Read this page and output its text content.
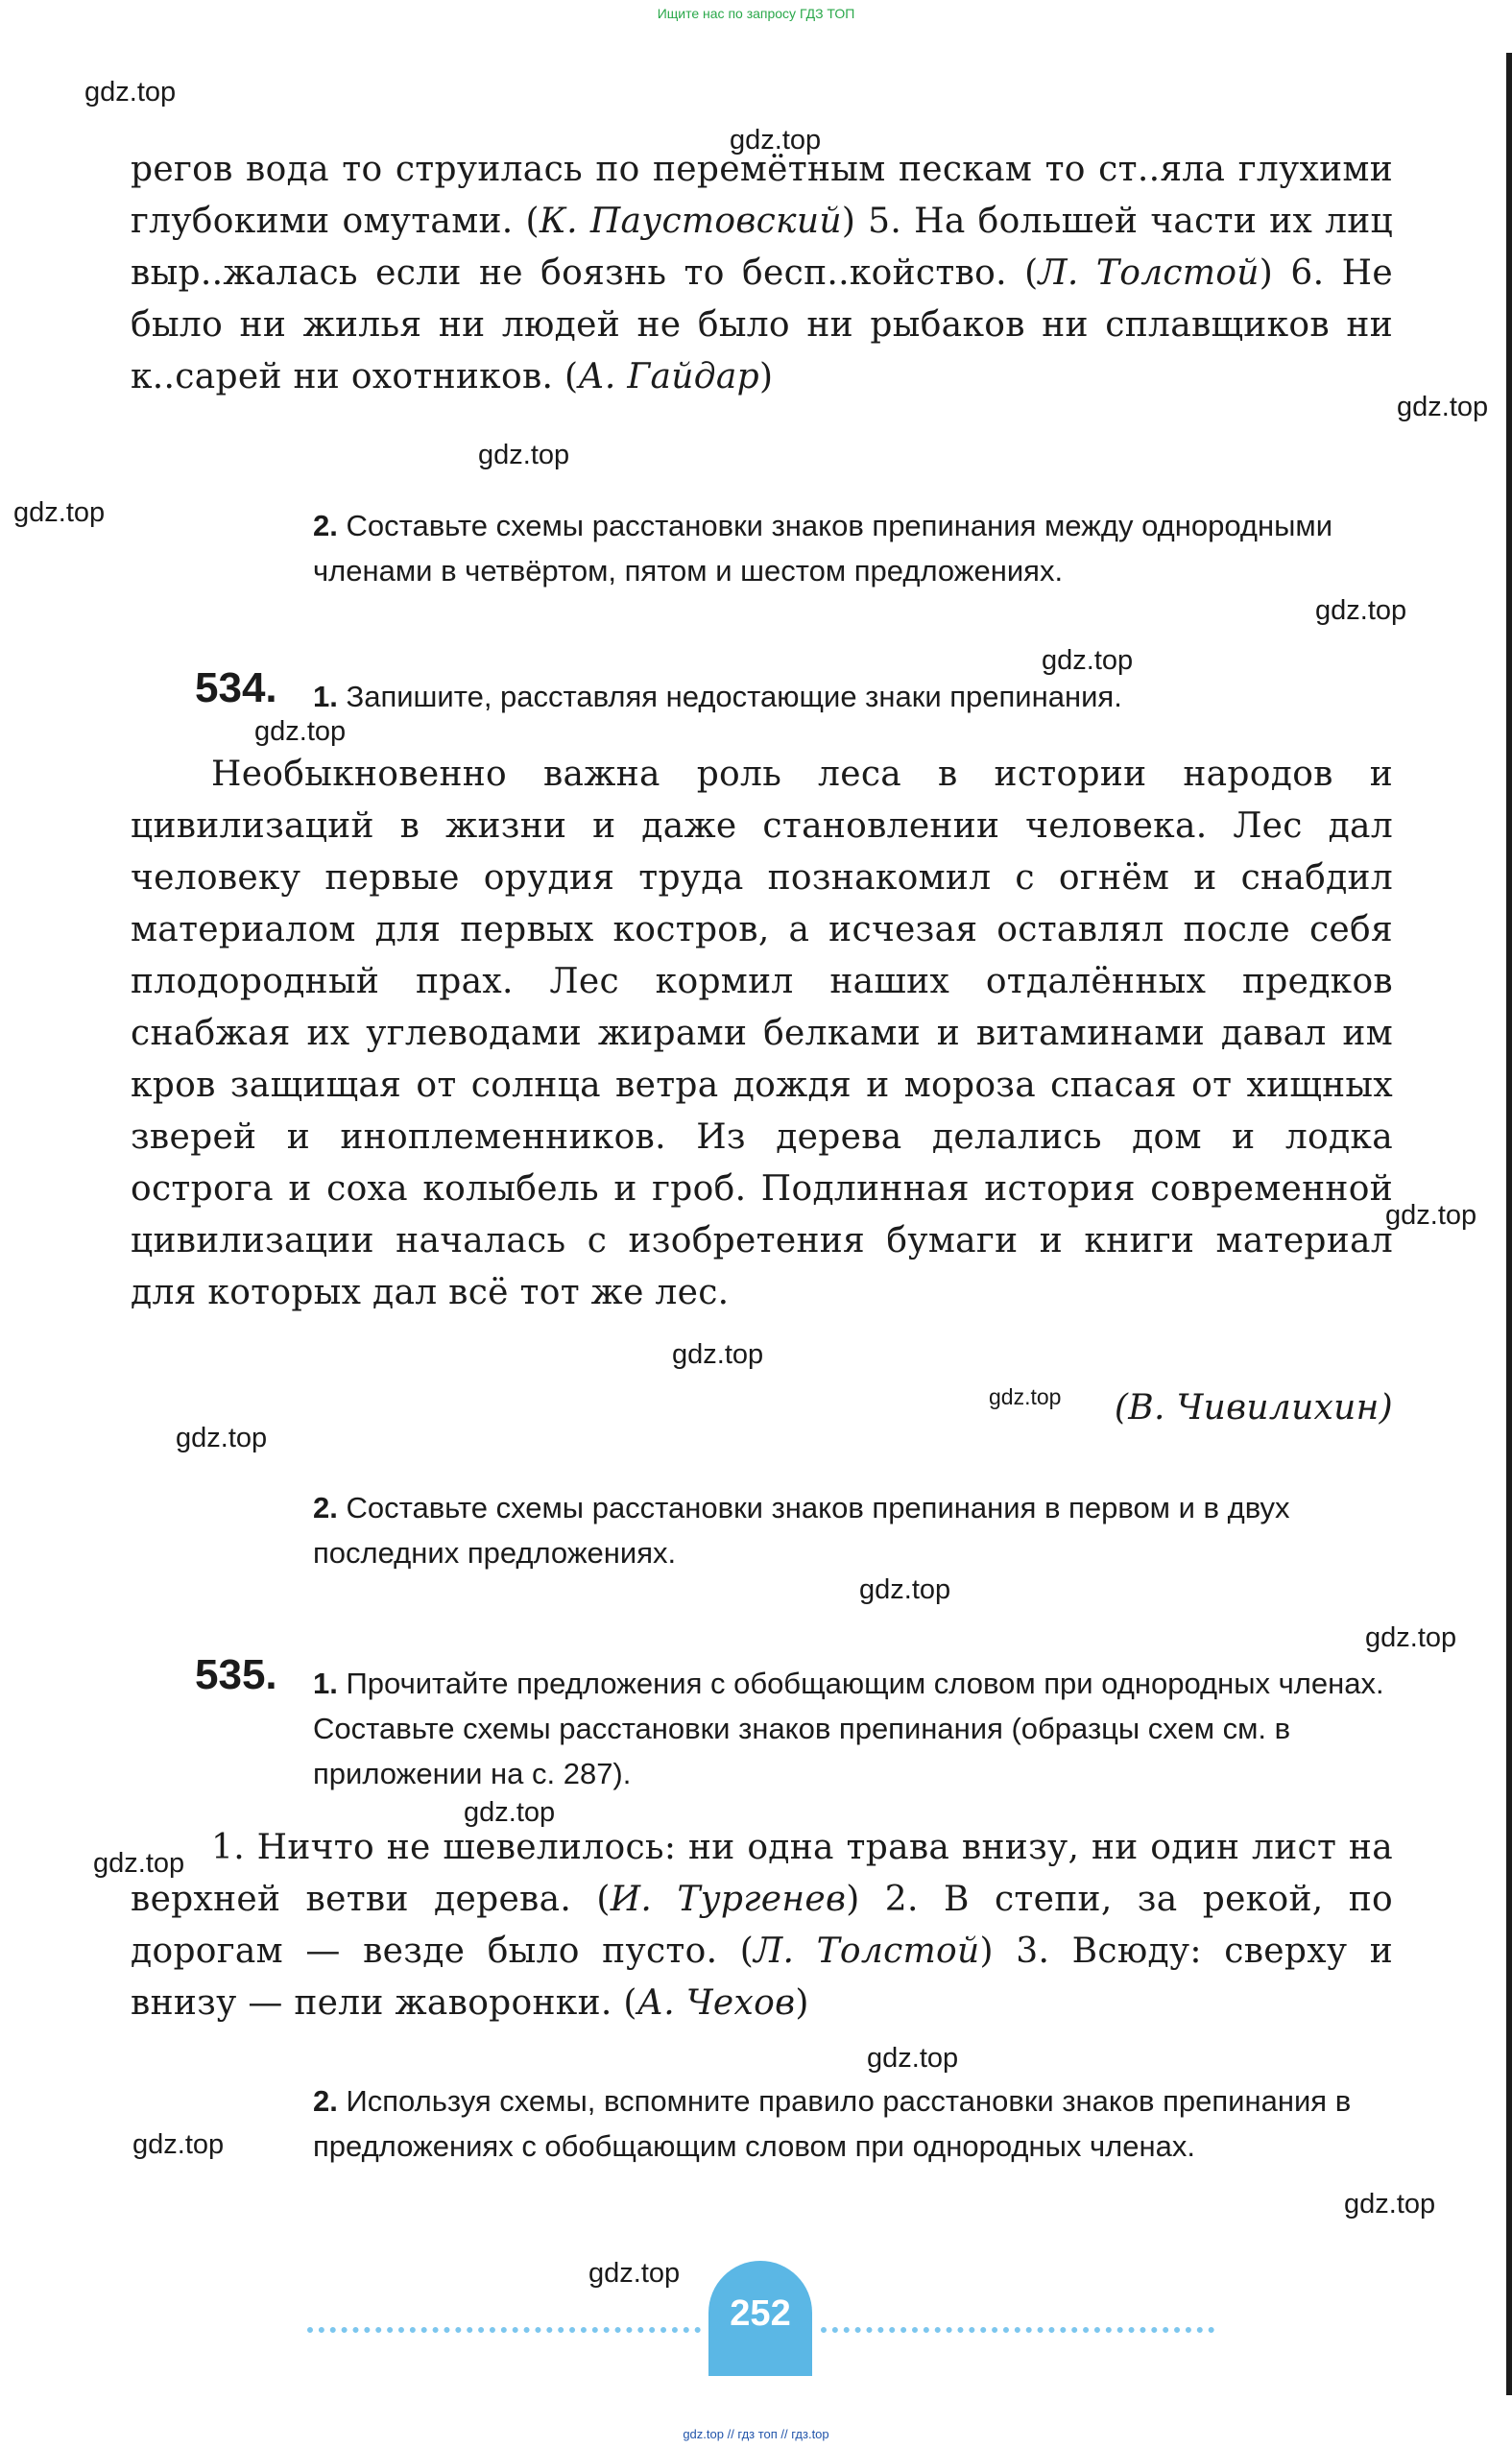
Ищите нас по запросу ГДЗ ТОП
gdz.top
gdz.top
gdz.top
gdz.top
gdz.top
gdz.top
gdz.top
gdz.top
gdz.top
gdz.top
gdz.top
gdz.top
gdz.top
gdz.top
gdz.top
gdz.top
gdz.top
gdz.top
gdz.top
gdz.top
регов вода то струилась по перемётным пескам то ст..яла глухими глубокими омутами. (К. Паустовский) 5. На большей части их лиц выр..жалась если не боязнь то бесп..койство. (Л. Толстой) 6. Не было ни жилья ни людей не было ни рыбаков ни сплавщиков ни к..сарей ни охотников. (А. Гайдар)
2. Составьте схемы расстановки знаков препинания между однородными членами в четвёртом, пятом и шестом предложениях.
534. 1. Запишите, расставляя недостающие знаки препинания.
Необыкновенно важна роль леса в истории народов и цивилизаций в жизни и даже становлении человека. Лес дал человеку первые орудия труда познакомил с огнём и снабдил материалом для первых костров, а исчезая оставлял после себя плодородный прах. Лес кормил наших отдалённых предков снабжая их углеводами жирами белками и витаминами давал им кров защищая от солнца ветра дождя и мороза спасая от хищных зверей и иноплеменников. Из дерева делались дом и лодка острога и соха колыбель и гроб. Подлинная история современной цивилизации началась с изобретения бумаги и книги материал для которых дал всё тот же лес.
(В. Чивилихин)
2. Составьте схемы расстановки знаков препинания в первом и в двух последних предложениях.
535. 1. Прочитайте предложения с обобщающим словом при однородных членах. Составьте схемы расстановки знаков препинания (образцы схем см. в приложении на с. 287).
1. Ничто не шевелилось: ни одна трава внизу, ни один лист на верхней ветви дерева. (И. Тургенев) 2. В степи, за рекой, по дорогам — везде было пусто. (Л. Толстой) 3. Всюду: сверху и внизу — пели жаворонки. (А. Чехов)
2. Используя схемы, вспомните правило расстановки знаков препинания в предложениях с обобщающим словом при однородных членах.
252
gdz.top // гдз топ // гдз.top
